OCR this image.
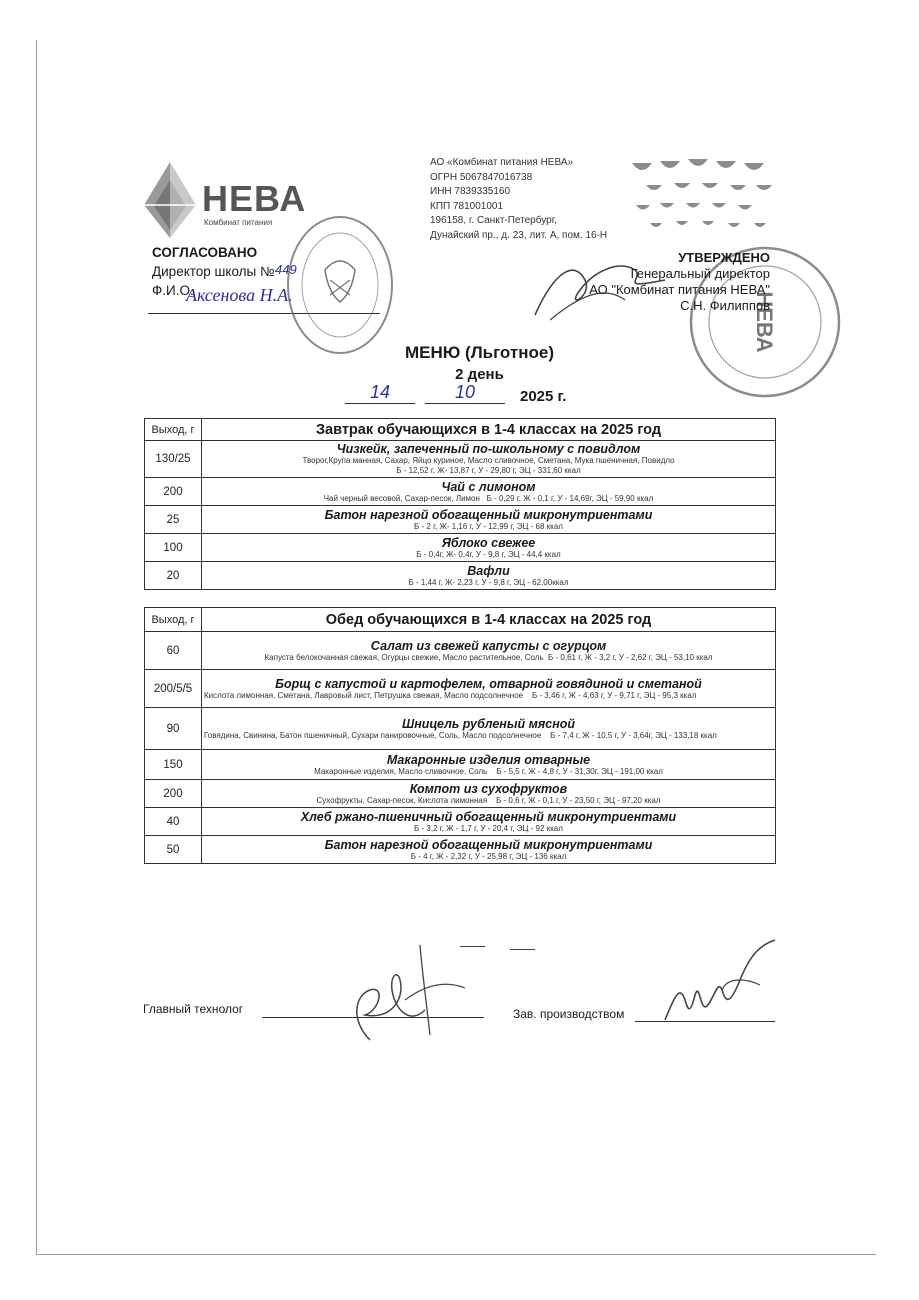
НЕВА
Комбинат питания
АО «Комбинат питания НЕВА»
ОГРН 5067847016738
ИНН 7839335160
КПП 781001001
196158, г. Санкт-Петербург,
Дунайский пр., д. 23, лит. А, пом. 16-Н
СОГЛАСОВАНО
Директор школы №
Ф.И.О.
449
Аксенова Н.А.	НЕВА
УТВЕРЖДЕНО
Генеральный директор
АО "Комбинат питания НЕВА"
С.Н. Филиппов
МЕНЮ (Льготное)
2 день
14	10	2025 г.
Выход, г	Завтрак обучающихся в 1-4 классах на 2025 год
130/25	Чизкейк, запеченный по-школьному с повидлом
Творог,Крупа манная, Сахар, Яйцо куриное, Масло сливочное, Сметана, Мука пшеничная, Повидло
Б - 12,52 г, Ж- 13,87 г, У - 29,80 г, ЭЦ - 331,60 ккал

200	Чай с лимоном
Чай черный весовой, Сахар-песок, Лимон Б - 0,29 г, Ж - 0,1 г, У - 14,69г, ЭЦ - 59,90 ккал

25	Батон нарезной обогащенный микронутриентами
Б - 2 г, Ж- 1,16 г, У - 12,99 г, ЭЦ - 68 ккал

100	Яблоко свежее
Б - 0,4г, Ж- 0,4г, У - 9,8 г, ЭЦ - 44,4 ккал

20	Вафли
Б - 1,44 г, Ж- 2,23 г, У - 9,8 г, ЭЦ - 62,00ккал
Выход, г	Обед обучающихся в 1-4 классах на 2025 год
60	Салат из свежей капусты с огурцом
Капуста белокочанная свежая, Огурцы свежие, Масло растительное, Соль Б - 0,61 г, Ж - 3,2 г, У - 2,62 г, ЭЦ - 53,10 ккал

200/5/5	Борщ с капустой и картофелем, отварной говядиной и сметаной
Кислота лимонная, Сметана, Лавровый лист, Петрушка свежая, Масло подсолнечное Б - 3,46 г, Ж - 4,63 г, У - 9,71 г, ЭЦ - 95,3 ккал

90	Шницель рубленый мясной
Говядина, Свинина, Батон пшеничный, Сухари панировочные, Соль, Масло подсолнечное Б - 7,4 г, Ж - 10,5 г, У - 3,64г, ЭЦ - 133,18 ккал

150	Макаронные изделия отварные
Макаронные изделия, Масло сливочное, Соль Б - 5,5 г, Ж - 4,8 г, У - 31,30г, ЭЦ - 191,00 ккал

200	Компот из сухофруктов
Сухофрукты, Сахар-песок, Кислота лимонная Б - 0,6 г, Ж - 0,1 г, У - 23,50 г, ЭЦ - 97,20 ккал

40	Хлеб ржано-пшеничный обогащенный микронутриентами
Б - 3,2 г, Ж - 1,7 г, У - 20,4 г, ЭЦ - 92 ккал

50	Батон нарезной обогащенный микронутриентами
Б - 4 г, Ж - 2,32 г, У - 25,98 г, ЭЦ - 136 ккал
Главный технолог	Зав. производством
